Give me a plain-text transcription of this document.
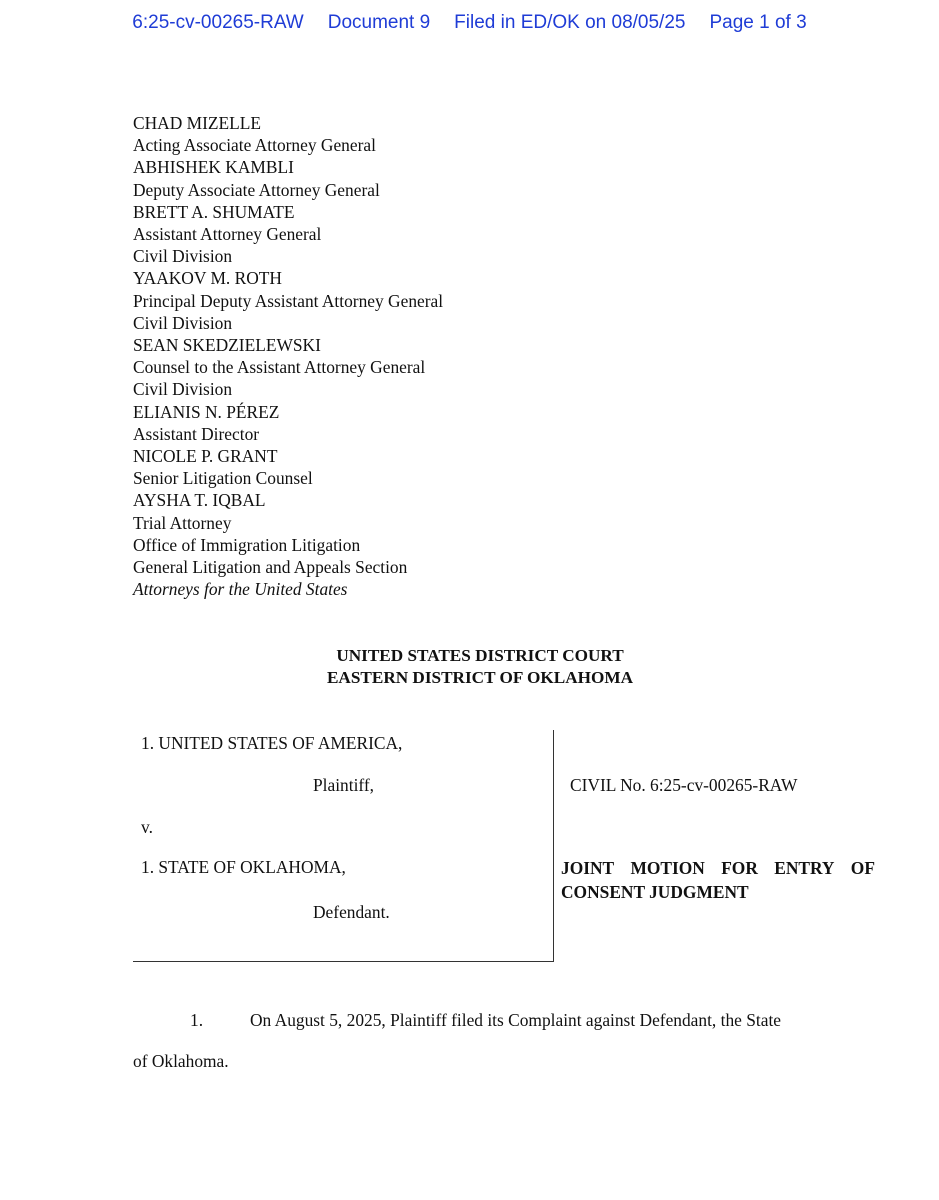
6:25-cv-00265-RAW Document 9 Filed in ED/OK on 08/05/25 Page 1 of 3
CHAD MIZELLE
Acting Associate Attorney General
ABHISHEK KAMBLI
Deputy Associate Attorney General
BRETT A. SHUMATE
Assistant Attorney General
Civil Division
YAAKOV M. ROTH
Principal Deputy Assistant Attorney General
Civil Division
SEAN SKEDZIELEWSKI
Counsel to the Assistant Attorney General
Civil Division
ELIANIS N. PÉREZ
Assistant Director
NICOLE P. GRANT
Senior Litigation Counsel
AYSHA T. IQBAL
Trial Attorney
Office of Immigration Litigation
General Litigation and Appeals Section
Attorneys for the United States
UNITED STATES DISTRICT COURT
EASTERN DISTRICT OF OKLAHOMA
1. UNITED STATES OF AMERICA,
Plaintiff,
v.
1. STATE OF OKLAHOMA,
Defendant.
CIVIL No. 6:25-cv-00265-RAW
JOINT MOTION FOR ENTRY OF
CONSENT JUDGMENT
1.	On August 5, 2025, Plaintiff filed its Complaint against Defendant, the State
of Oklahoma.
